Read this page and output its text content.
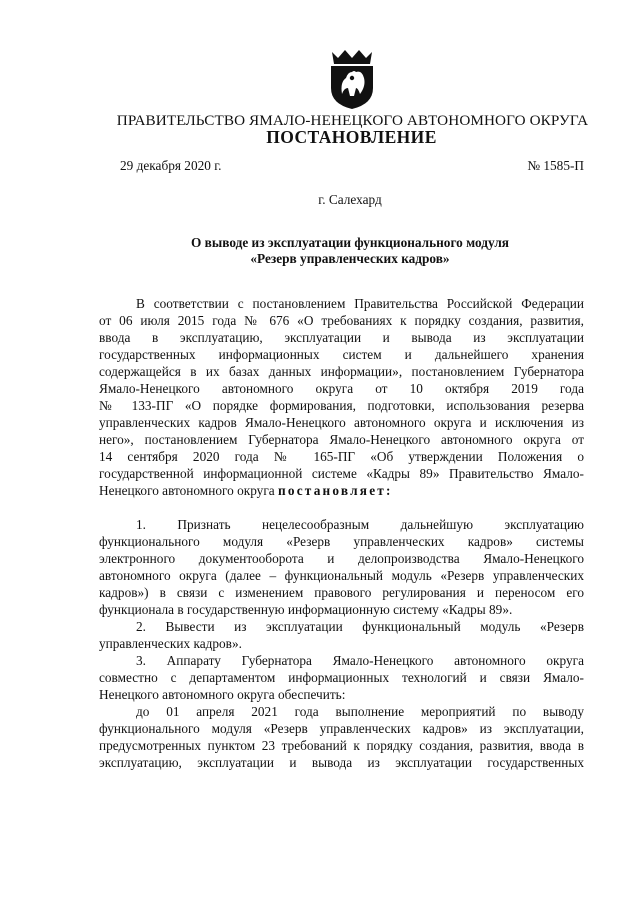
ПРАВИТЕЛЬСТВО ЯМАЛО-НЕНЕЦКОГО АВТОНОМНОГО ОКРУГА
ПОСТАНОВЛЕНИЕ
29 декабря 2020 г.	№ 1585-П
г. Салехард
О выводе из эксплуатации функционального модуля
«Резерв управленческих кадров»
В соответствии с постановлением Правительства Российской Федерации
от 06 июля 2015 года № 676 «О требованиях к порядку создания, развития,
ввода в эксплуатацию, эксплуатации и вывода из эксплуатации
государственных информационных систем и дальнейшего хранения
содержащейся в их базах данных информации», постановлением Губернатора
Ямало-Ненецкого автономного округа от 10 октября 2019 года
№ 133-ПГ «О порядке формирования, подготовки, использования резерва
управленческих кадров Ямало-Ненецкого автономного округа и исключения из
него», постановлением Губернатора Ямало-Ненецкого автономного округа от
14 сентября 2020 года № 165-ПГ «Об утверждении Положения о
государственной информационной системе «Кадры 89» Правительство Ямало-
Ненецкого автономного округа постановляет:
1. Признать нецелесообразным дальнейшую эксплуатацию
функционального модуля «Резерв управленческих кадров» системы
электронного документооборота и делопроизводства Ямало-Ненецкого
автономного округа (далее – функциональный модуль «Резерв управленческих
кадров») в связи с изменением правового регулирования и переносом его
функционала в государственную информационную систему «Кадры 89».
2. Вывести из эксплуатации функциональный модуль «Резерв
управленческих кадров».
3. Аппарату Губернатора Ямало-Ненецкого автономного округа
совместно с департаментом информационных технологий и связи Ямало-
Ненецкого автономного округа обеспечить:
до 01 апреля 2021 года выполнение мероприятий по выводу
функционального модуля «Резерв управленческих кадров» из эксплуатации,
предусмотренных пунктом 23 требований к порядку создания, развития, ввода в
эксплуатацию, эксплуатации и вывода из эксплуатации государственных
